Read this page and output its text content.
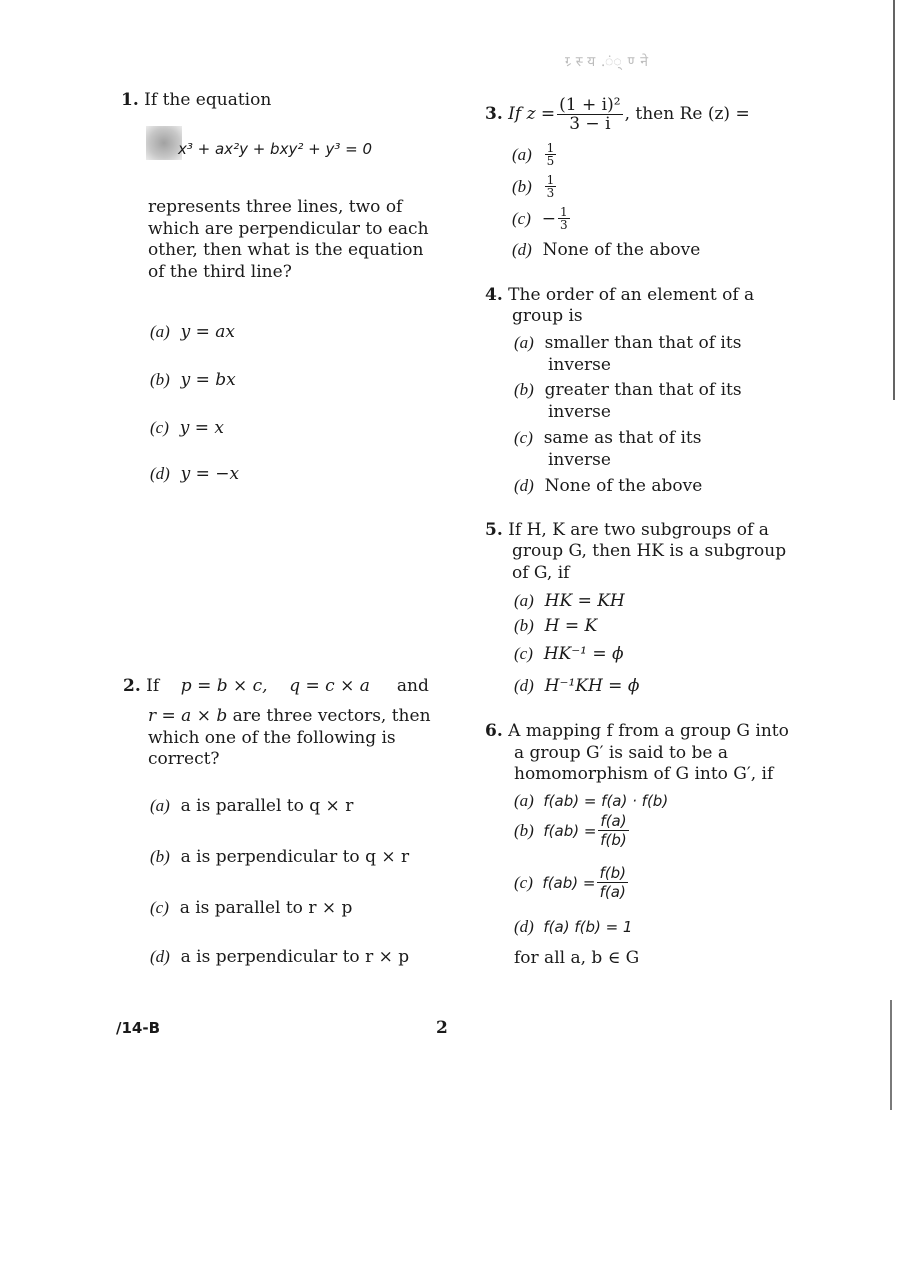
ग्र्स्य.ं्ण्ने
1. If the equation
x³ + ax²y + bxy² + y³ = 0
represents three lines, two of
which are perpendicular to each
other, then what is the equation
of the third line?
(a) y = ax
(b) y = bx
(c) y = x
(d) y = −x
2. If p = b × c, q = c × a and
r = a × b are three vectors, then
which one of the following is
correct?
(a) a is parallel to q × r
(b) a is perpendicular to q × r
(c) a is parallel to r × p
(d) a is perpendicular to r × p
3.
If $z = \frac{\text{(1 + i)²}}{3 - i}$ , then Re (z) =
(a)
$\frac{1}{5}$
(b)
$\frac{1}{3}$
(c)
− $\frac{1}{3}$
(d) None of the above
4. The order of an element of a
group is
(a) smaller than that of its
inverse
(b) greater than that of its
inverse
(c) same as that of its
inverse
(d) None of the above
5. If H, K are two subgroups of a
group G, then HK is a subgroup
of G, if
(a) HK = KH
(b) H = K
(c) HK⁻¹ = ϕ
(d) H⁻¹KH = ϕ
6. A mapping f from a group G into
a group G′ is said to be a
homomorphism of G into G′, if
(a) f(ab) = f(a) · f(b)
(b)
$f(ab) = \frac{f(a)}{f(b)}$
(c)
$f(ab) = \frac{f(b)}{f(a)}$
(d) f(a) f(b) = 1
for all a, b ∈ G
/14-B	2
